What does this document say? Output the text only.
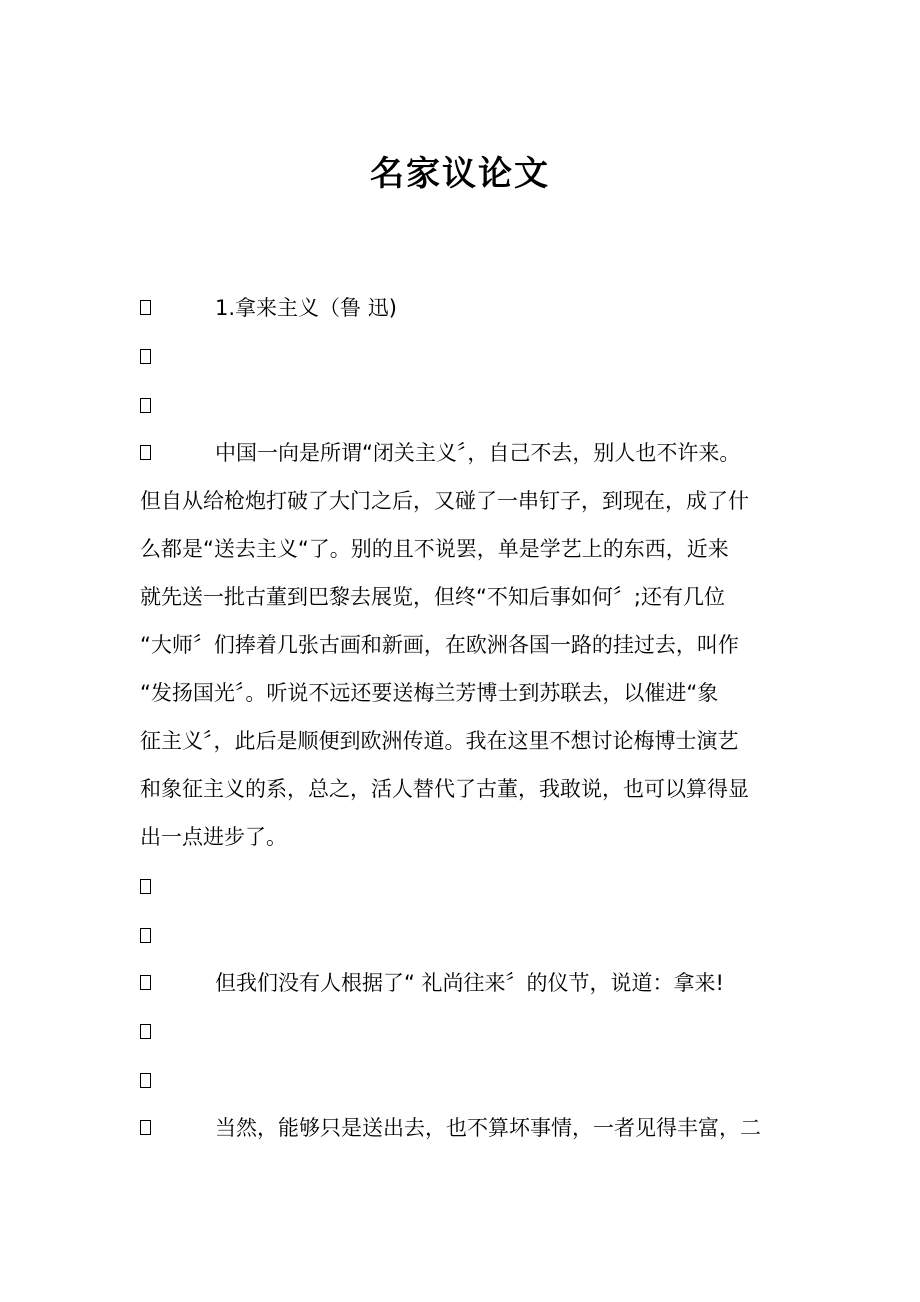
名家议论文
1.拿来主义（鲁 迅)
中国一向是所谓“闭关主义〞，自己不去，别人也不许来。
但自从给枪炮打破了大门之后，又碰了一串钉子，到现在，成了什
么都是“送去主义“了。别的且不说罢，单是学艺上的东西，近来
就先送一批古董到巴黎去展览，但终“不知后事如何〞;还有几位
“大师〞们捧着几张古画和新画，在欧洲各国一路的挂过去，叫作
“发扬国光〞。听说不远还要送梅兰芳博士到苏联去，以催进“象
征主义〞，此后是顺便到欧洲传道。我在这里不想讨论梅博士演艺
和象征主义的系，总之，活人替代了古董，我敢说，也可以算得显
出一点进步了。
但我们没有人根据了“ 礼尚往来〞的仪节，说道：拿来!
当然，能够只是送出去，也不算坏事情，一者见得丰富，二
